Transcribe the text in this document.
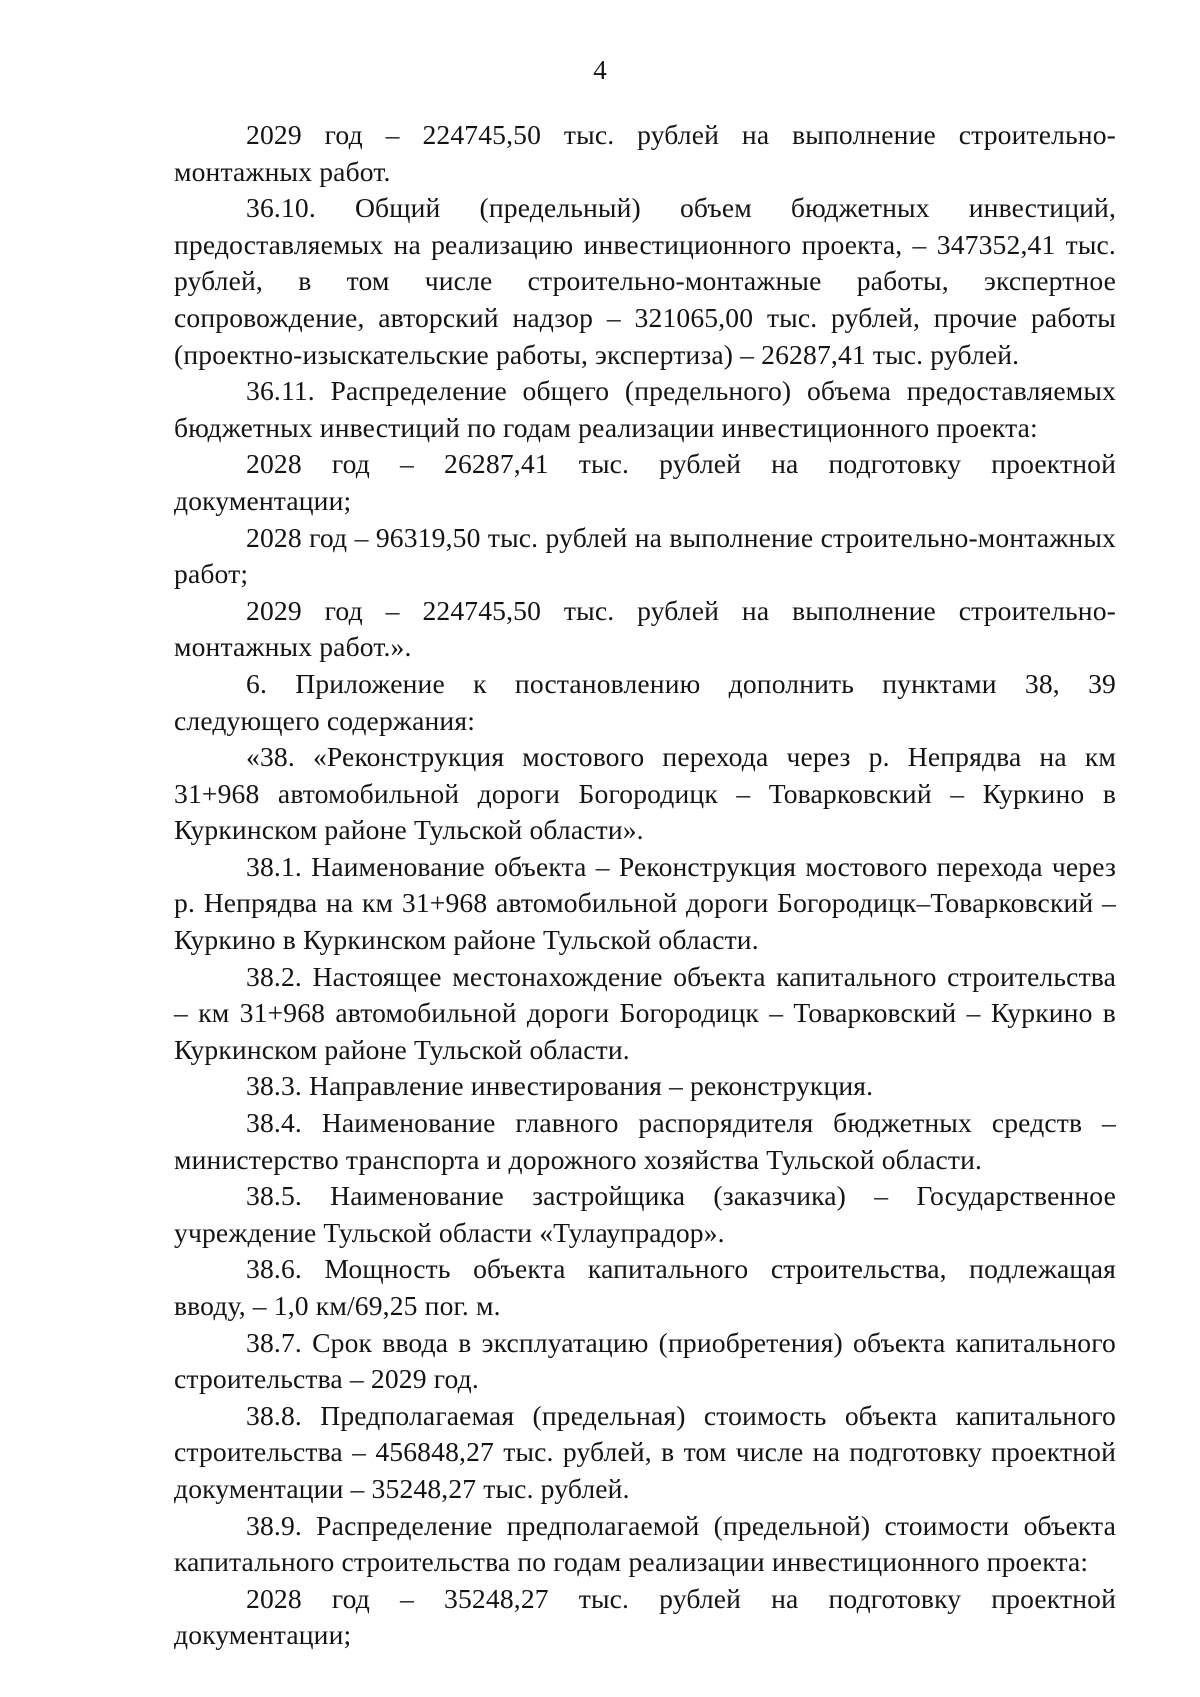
4

2029 год – 224745,50 тыс. рублей на выполнение строительно-монтажных работ.

36.10. Общий (предельный) объем бюджетных инвестиций, предоставляемых на реализацию инвестиционного проекта, – 347352,41 тыс. рублей, в том числе строительно-монтажные работы, экспертное сопровождение, авторский надзор – 321065,00 тыс. рублей, прочие работы (проектно-изыскательские работы, экспертиза) – 26287,41 тыс. рублей.

36.11. Распределение общего (предельного) объема предоставляемых бюджетных инвестиций по годам реализации инвестиционного проекта:

2028 год – 26287,41 тыс. рублей на подготовку проектной документации;

2028 год – 96319,50 тыс. рублей на выполнение строительно-монтажных работ;

2029 год – 224745,50 тыс. рублей на выполнение строительно-монтажных работ.».

6. Приложение к постановлению дополнить пунктами 38, 39 следующего содержания:

«38. «Реконструкция мостового перехода через р. Непрядва на км 31+968 автомобильной дороги Богородицк – Товарковский – Куркино в Куркинском районе Тульской области».

38.1. Наименование объекта – Реконструкция мостового перехода через р. Непрядва на км 31+968 автомобильной дороги Богородицк–Товарковский – Куркино в Куркинском районе Тульской области.

38.2. Настоящее местонахождение объекта капитального строительства – км 31+968 автомобильной дороги Богородицк – Товарковский – Куркино в Куркинском районе Тульской области.

38.3. Направление инвестирования – реконструкция.

38.4. Наименование главного распорядителя бюджетных средств – министерство транспорта и дорожного хозяйства Тульской области.

38.5. Наименование застройщика (заказчика) – Государственное учреждение Тульской области «Тулаупрадор».

38.6. Мощность объекта капитального строительства, подлежащая вводу, – 1,0 км/69,25 пог. м.

38.7. Срок ввода в эксплуатацию (приобретения) объекта капитального строительства – 2029 год.

38.8. Предполагаемая (предельная) стоимость объекта капитального строительства – 456848,27 тыс. рублей, в том числе на подготовку проектной документации – 35248,27 тыс. рублей.

38.9. Распределение предполагаемой (предельной) стоимости объекта капитального строительства по годам реализации инвестиционного проекта:

2028 год – 35248,27 тыс. рублей на подготовку проектной документации;
